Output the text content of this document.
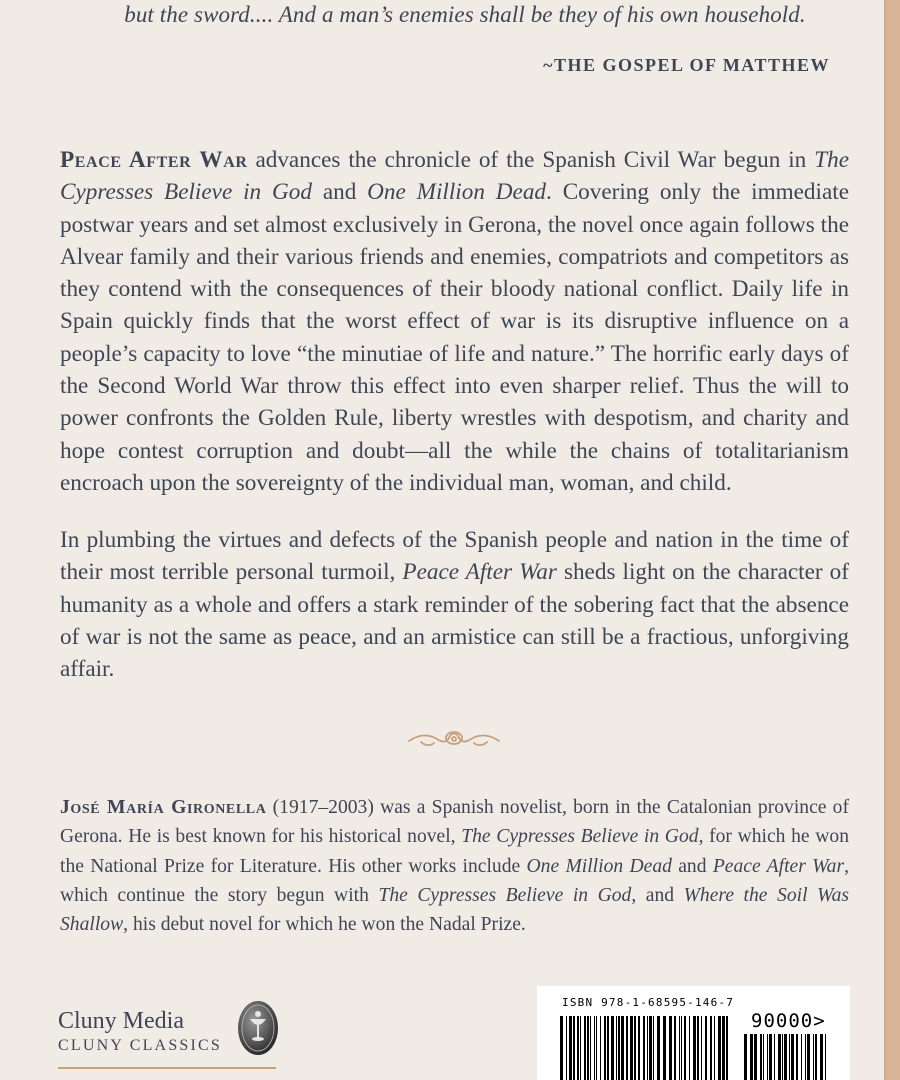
but the sword.... And a man’s enemies shall be they of his own household.
~THE GOSPEL OF MATTHEW
Peace After War advances the chronicle of the Spanish Civil War begun in The Cypresses Believe in God and One Million Dead. Covering only the immediate postwar years and set almost exclusively in Gerona, the novel once again follows the Alvear family and their various friends and enemies, compatriots and competitors as they contend with the consequences of their bloody national conflict. Daily life in Spain quickly finds that the worst effect of war is its disruptive influence on a people’s capacity to love “the minutiae of life and nature.” The horrific early days of the Second World War throw this effect into even sharper relief. Thus the will to power confronts the Golden Rule, liberty wrestles with despotism, and charity and hope contest corruption and doubt—all the while the chains of totalitarianism encroach upon the sovereignty of the individual man, woman, and child.
In plumbing the virtues and defects of the Spanish people and nation in the time of their most terrible personal turmoil, Peace After War sheds light on the character of humanity as a whole and offers a stark reminder of the sobering fact that the absence of war is not the same as peace, and an armistice can still be a fractious, unforgiving affair.
José María Gironella (1917–2003) was a Spanish novelist, born in the Catalonian province of Gerona. He is best known for his historical novel, The Cypresses Believe in God, for which he won the National Prize for Literature. His other works include One Million Dead and Peace After War, which continue the story begun with The Cypresses Believe in God, and Where the Soil Was Shallow, his debut novel for which he won the Nadal Prize.
Cluny Media
CLUNY CLASSICS
ISBN 978-1-68595-146-7
90000>
